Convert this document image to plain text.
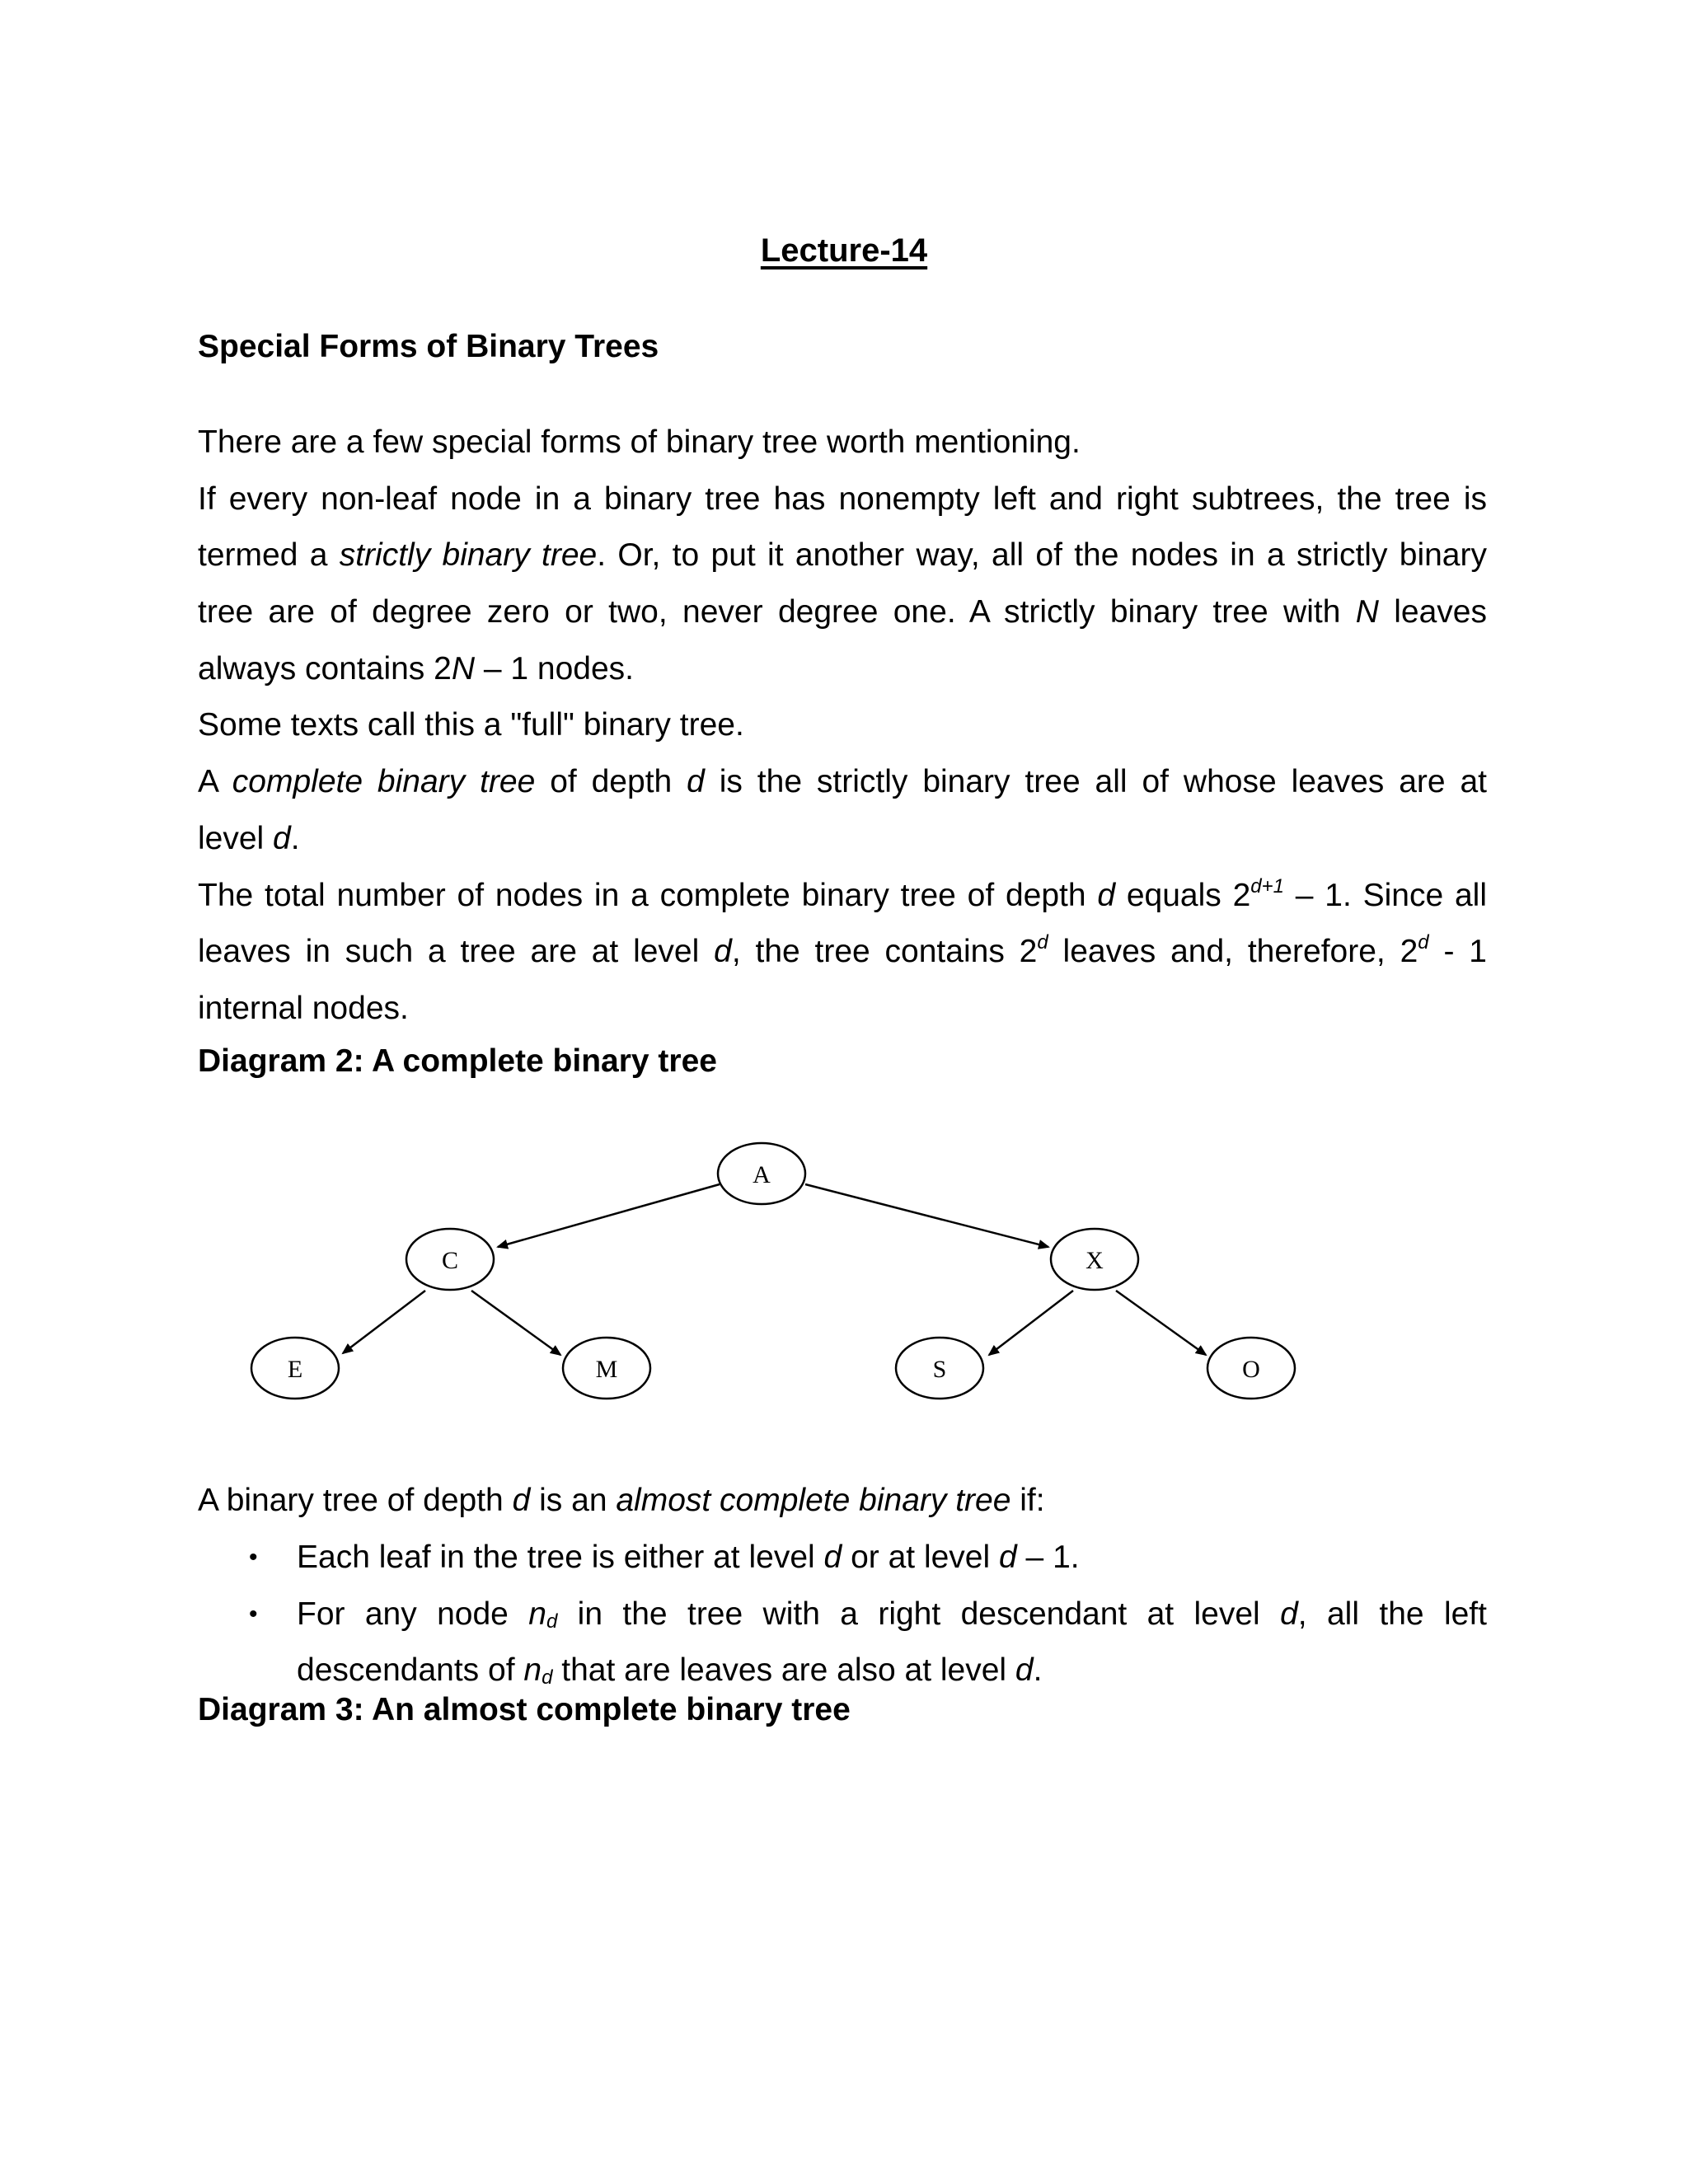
Lecture-14
Special Forms of Binary Trees
There are a few special forms of binary tree worth mentioning.
If every non-leaf node in a binary tree has nonempty left and right subtrees, the tree is
termed a strictly binary tree. Or, to put it another way, all of the nodes in a strictly binary
tree are of degree zero or two, never degree one. A strictly binary tree with N leaves
always contains 2N – 1 nodes.
Some texts call this a "full" binary tree.
A complete binary tree of depth d is the strictly binary tree all of whose leaves are at
level d.
The total number of nodes in a complete binary tree of depth d equals $2^{d+1} - 1$. Since all
leaves in such a tree are at level d, the tree contains 2$^d$ leaves and, therefore, 2$^d$ - 1
internal nodes.
Diagram 2: A complete binary tree
A
C	X
E	M	S	O
A binary tree of depth d is an almost complete binary tree if:
• Each leaf in the tree is either at level d or at level d – 1.
• For any node nd in the tree with a right descendant at level d, all the left
descendants of nd that are leaves are also at level d.
Diagram 3: An almost complete binary tree
